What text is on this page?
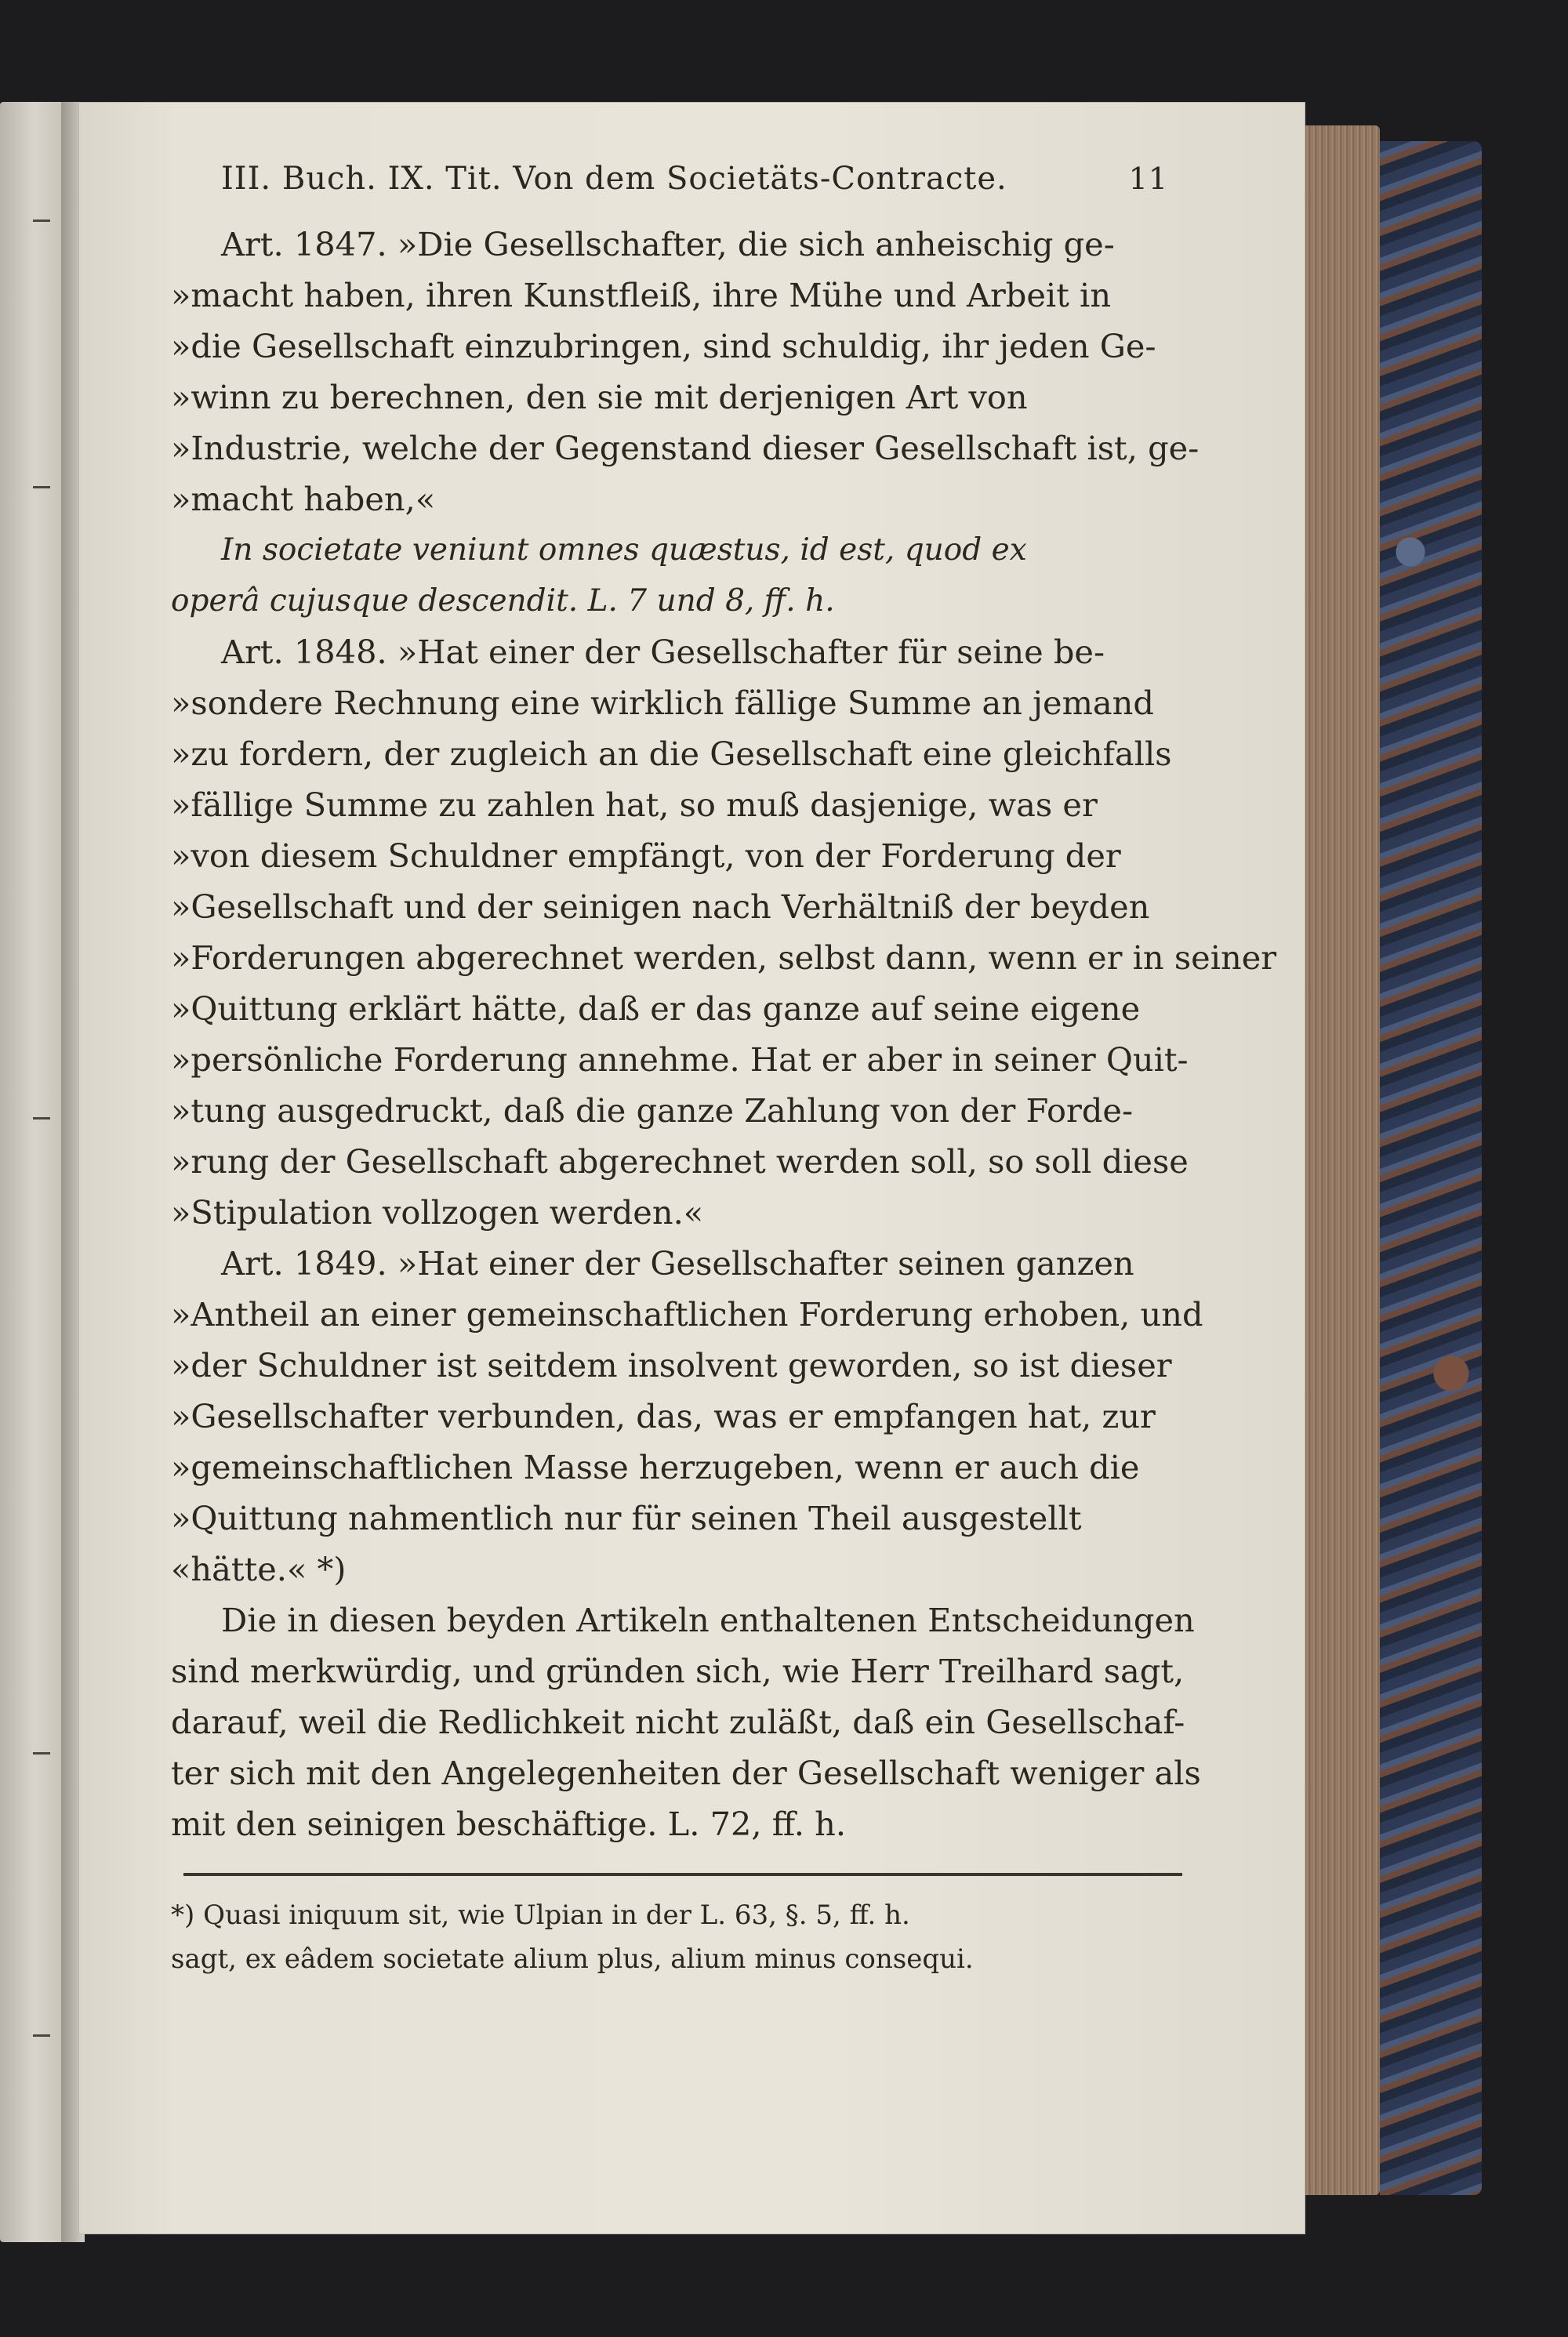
III. Buch. IX. Tit. Von dem Societäts-Contracte.	11

Art. 1847. »Die Gesellschafter, die sich anheischig ge-
»macht haben, ihren Kunstfleiß, ihre Mühe und Arbeit in
»die Gesellschaft einzubringen, sind schuldig, ihr jeden Ge-
»winn zu berechnen, den sie mit derjenigen Art von
»Industrie, welche der Gegenstand dieser Gesellschaft ist, ge-
»macht haben,«

In societate veniunt omnes quæstus, id est, quod ex
operâ cujusque descendit. L. 7 und 8, ff. h.

Art. 1848. »Hat einer der Gesellschafter für seine be-
»sondere Rechnung eine wirklich fällige Summe an jemand
»zu fordern, der zugleich an die Gesellschaft eine gleichfalls
»fällige Summe zu zahlen hat, so muß dasjenige, was er
»von diesem Schuldner empfängt, von der Forderung der
»Gesellschaft und der seinigen nach Verhältniß der beyden
»Forderungen abgerechnet werden, selbst dann, wenn er in seiner
»Quittung erklärt hätte, daß er das ganze auf seine eigene
»persönliche Forderung annehme. Hat er aber in seiner Quit-
»tung ausgedruckt, daß die ganze Zahlung von der Forde-
»rung der Gesellschaft abgerechnet werden soll, so soll diese
»Stipulation vollzogen werden.«

Art. 1849. »Hat einer der Gesellschafter seinen ganzen
»Antheil an einer gemeinschaftlichen Forderung erhoben, und
»der Schuldner ist seitdem insolvent geworden, so ist dieser
»Gesellschafter verbunden, das, was er empfangen hat, zur
»gemeinschaftlichen Masse herzugeben, wenn er auch die
»Quittung nahmentlich nur für seinen Theil ausgestellt
«hätte.« *)

Die in diesen beyden Artikeln enthaltenen Entscheidungen
sind merkwürdig, und gründen sich, wie Herr Treilhard sagt,
darauf, weil die Redlichkeit nicht zuläßt, daß ein Gesellschaf-
ter sich mit den Angelegenheiten der Gesellschaft weniger als
mit den seinigen beschäftige. L. 72, ff. h.

*) Quasi iniquum sit, wie Ulpian in der L. 63, §. 5, ff. h.
sagt, ex eâdem societate alium plus, alium minus consequi.
